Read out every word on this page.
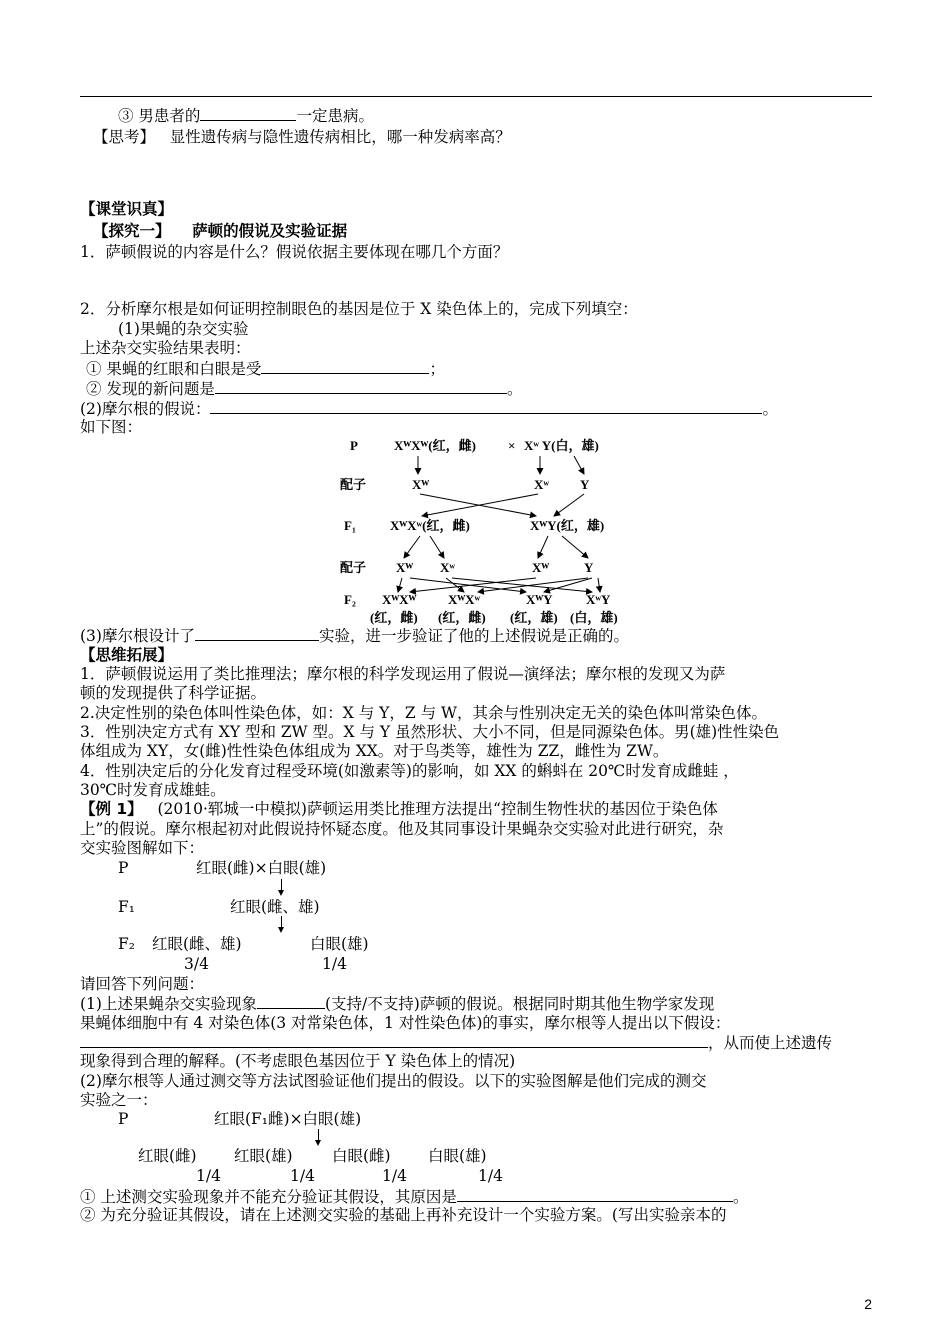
③ 男患者的	一定患病。
【思考】 显性遗传病与隐性遗传病相比，哪一种发病率高？
【课堂识真】
【探究一】 萨顿的假说及实验证据
1．萨顿假说的内容是什么？假说依据主要体现在哪几个方面？
2．分析摩尔根是如何证明控制眼色的基因是位于 X 染色体上的，完成下列填空：
(1)果蝇的杂交实验
上述杂交实验结果表明：
① 果蝇的红眼和白眼是受	；
② 发现的新问题是	。
(2)摩尔根的假说：	。
如下图：
P	XᵂXᵂ(红，雌) × Xʷ Y(白，雄)
配子	Xᵂ	Xʷ Y
F₁	XᵂXʷ(红，雌)	XᵂY(红，雄)
配子 Xᵂ Xʷ	Xᵂ	Y
F₂ XᵂXᵂ XᵂXʷ	XᵂY	XʷY
(红，雌) (红，雌) (红，雄) (白，雄)
(3)摩尔根设计了	实验，进一步验证了他的上述假说是正确的。
【思维拓展】
1．萨顿假说运用了类比推理法；摩尔根的科学发现运用了假说—演绎法；摩尔根的发现又为萨
顿的发现提供了科学证据。
2.决定性别的染色体叫性染色体，如：X 与 Y，Z 与 W，其余与性别决定无关的染色体叫常染色体。
3．性别决定方式有 XY 型和 ZW 型。X 与 Y 虽然形状、大小不同，但是同源染色体。男(雄)性性染色
体组成为 XY，女(雌)性性染色体组成为 XX。对于鸟类等，雄性为 ZZ，雌性为 ZW。
4．性别决定后的分化发育过程受环境(如激素等)的影响，如 XX 的蝌蚪在 20℃时发育成雌蛙 ，
30℃时发育成雄蛙。
【例 1】 (2010·郓城一中模拟)萨顿运用类比推理方法提出“控制生物性状的基因位于染色体
上”的假说。摩尔根起初对此假说持怀疑态度。他及其同事设计果蝇杂交实验对此进行研究，杂
交实验图解如下：
P	红眼(雌)×白眼(雄)
F₁	红眼(雌、雄)
F₂ 红眼(雌、雄)	白眼(雄)
3/4	1/4
请回答下列问题：
(1)上述果蝇杂交实验现象	(支持/不支持)萨顿的假说。根据同时期其他生物学家发现
果蝇体细胞中有 4 对染色体(3 对常染色体，1 对性染色体)的事实，摩尔根等人提出以下假设：
，从而使上述遗传
现象得到合理的解释。(不考虑眼色基因位于 Y 染色体上的情况)
(2)摩尔根等人通过测交等方法试图验证他们提出的假设。以下的实验图解是他们完成的测交
实验之一：
P	红眼(F₁雌)×白眼(雄)
红眼(雌) 红眼(雄)	白眼(雌) 白眼(雄)
1/4	1/4	1/4	1/4
① 上述测交实验现象并不能充分验证其假设，其原因是	。
② 为充分验证其假设，请在上述测交实验的基础上再补充设计一个实验方案。(写出实验亲本的
2
